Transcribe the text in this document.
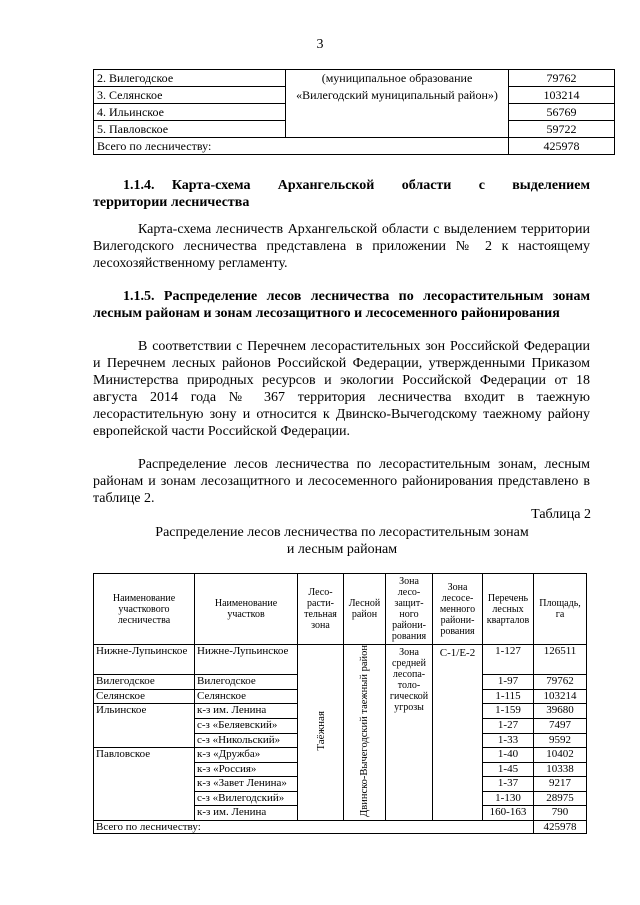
3
2. Вилегодское	(муниципальное образование «Вилегодский муниципальный район»)	79762
3. Селянское		103214
4. Ильинское		56769
5. Павловское		59722
Всего по лесничеству:		425978
1.1.4. Карта-схема Архангельской области с выделением
территории лесничества
Карта-схема лесничеств Архангельской области с выделением территории Вилегодского лесничества представлена в приложении № 2 к настоящему лесохозяйственному регламенту.
1.1.5. Распределение лесов лесничества по лесорастительным зонам лесным районам и зонам лесозащитного и лесосеменного районирования
В соответствии с Перечнем лесорастительных зон Российской Федерации и Перечнем лесных районов Российской Федерации, утвержденными Приказом Министерства природных ресурсов и экологии Российской Федерации от 18 августа 2014 года № 367 территория лесничества входит в таежную лесорастительную зону и относится к Двинско-Вычегодскому таежному району европейской части Российской Федерации.
Распределение лесов лесничества по лесорастительным зонам, лесным районам и зонам лесозащитного и лесосеменного районирования представлено в таблице 2.
Таблица 2
Распределение лесов лесничества по лесорастительным зонам
и лесным районам
Наименование участкового лесничества	Наименование участков	Лесо-расти-тельная зона	Лесной район	Зона лесо-защит-ного райони-рования	Зона лесосе-менного райони-рования	Перечень лесных кварталов	Площадь, га
Нижне-Лупьинское	Нижне-Лупьинское	Таёжная	Двинско-Вычегодский таежный район	Зона средней лесопа-толо-гической угрозы	С-1/Е-2	1-127	126511
Вилегодское	Вилегодское					1-97	79762
Селянское	Селянское					1-115	103214
Ильинское	к-з им. Ленина					1-159	39680
	с-з «Беляевский»					1-27	7497
	с-з «Никольский»					1-33	9592
Павловское	к-з «Дружба»					1-40	10402
	к-з «Россия»					1-45	10338
	к-з «Завет Ленина»					1-37	9217
	с-з «Вилегодский»					1-130	28975
	к-з им. Ленина					160-163	790
Всего по лесничеству:							425978
